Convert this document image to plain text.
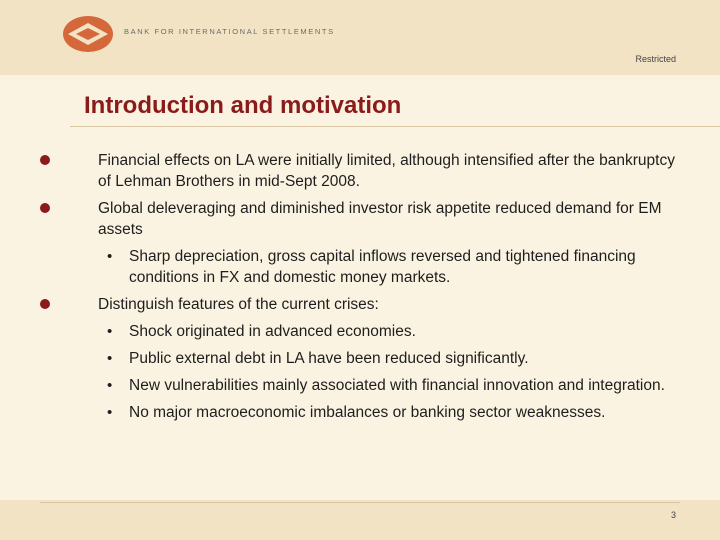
BANK FOR INTERNATIONAL SETTLEMENTS
Restricted
Introduction and motivation
Financial effects on LA were initially limited, although intensified after the bankruptcy of Lehman Brothers in mid-Sept 2008.
Global deleveraging and diminished investor risk appetite reduced demand for EM assets
• Sharp depreciation, gross capital inflows reversed and tightened financing conditions in FX and domestic money markets.
Distinguish features of the current crises:
• Shock originated in advanced economies.
• Public external debt in LA have been reduced significantly.
• New vulnerabilities mainly associated with financial innovation and integration.
• No major macroeconomic imbalances or banking sector weaknesses.
3
